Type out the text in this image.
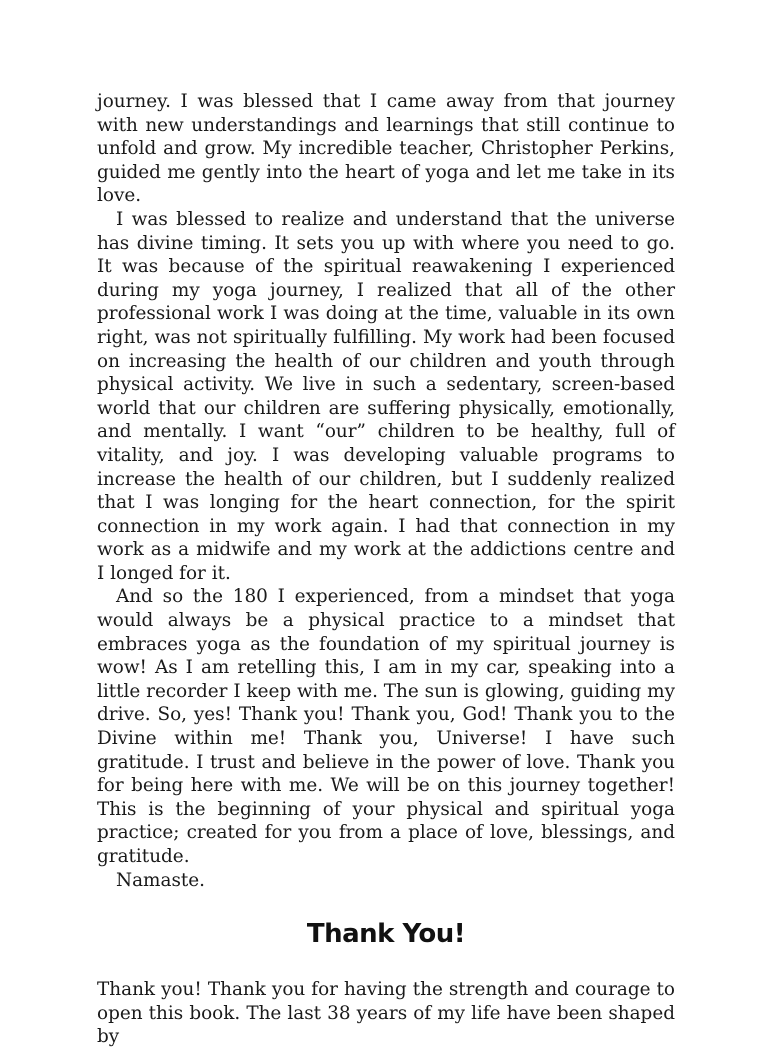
journey. I was blessed that I came away from that journey with new understandings and learnings that still continue to unfold and grow. My incredible teacher, Christopher Perkins, guided me gently into the heart of yoga and let me take in its love.

I was blessed to realize and understand that the universe has divine timing. It sets you up with where you need to go. It was because of the spiritual reawakening I experienced during my yoga journey, I realized that all of the other professional work I was doing at the time, valuable in its own right, was not spiritually fulfilling. My work had been focused on increasing the health of our children and youth through physical activity. We live in such a sedentary, screen-based world that our children are suffering physically, emotionally, and mentally. I want “our” children to be healthy, full of vitality, and joy. I was developing valuable programs to increase the health of our children, but I suddenly realized that I was longing for the heart connection, for the spirit connection in my work again. I had that connection in my work as a midwife and my work at the addictions centre and I longed for it.

And so the 180 I experienced, from a mindset that yoga would always be a physical practice to a mindset that embraces yoga as the foundation of my spiritual journey is wow! As I am retelling this, I am in my car, speaking into a little recorder I keep with me. The sun is glowing, guiding my drive. So, yes! Thank you! Thank you, God! Thank you to the Divine within me! Thank you, Universe! I have such gratitude. I trust and believe in the power of love. Thank you for being here with me. We will be on this journey together! This is the beginning of your physical and spiritual yoga practice; created for you from a place of love, blessings, and gratitude.

Namaste.

Thank You!

Thank you! Thank you for having the strength and courage to open this book. The last 38 years of my life have been shaped by
